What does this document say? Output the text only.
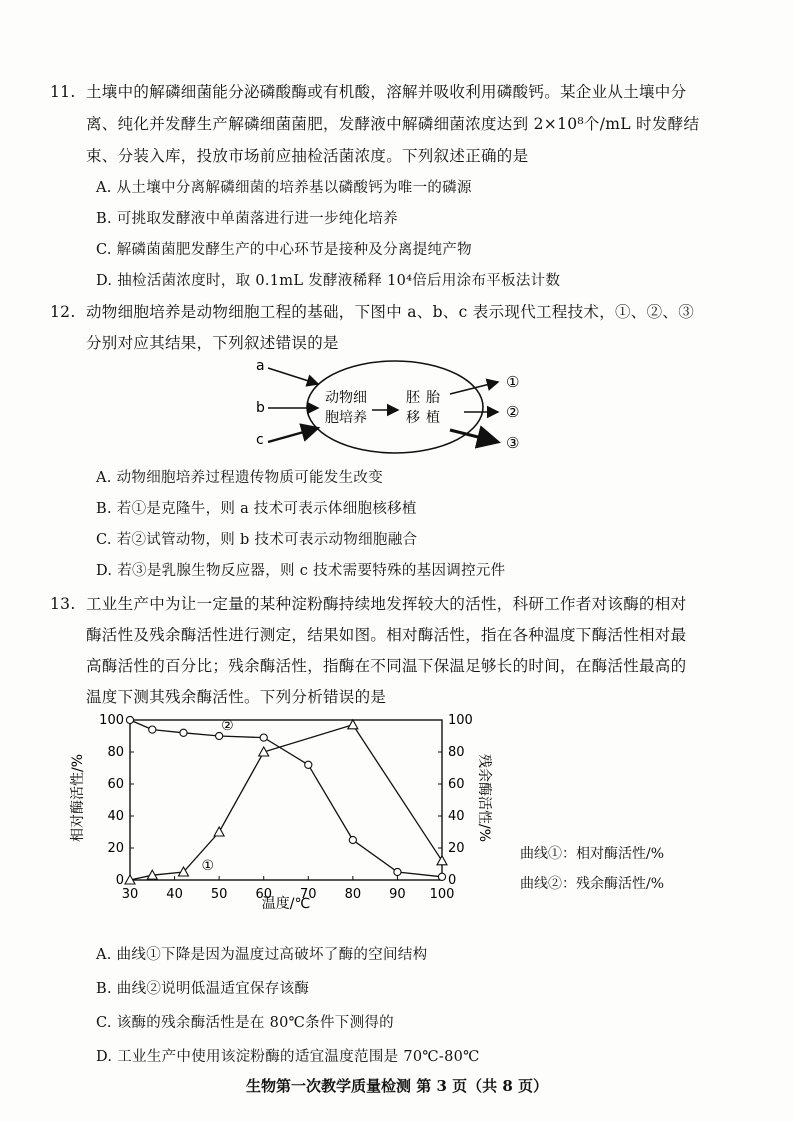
11. 土壤中的解磷细菌能分泌磷酸酶或有机酸，溶解并吸收利用磷酸钙。某企业从土壤中分
离、纯化并发酵生产解磷细菌菌肥，发酵液中解磷细菌浓度达到 2×10⁸个/mL 时发酵结
束、分装入库，投放市场前应抽检活菌浓度。下列叙述正确的是
A. 从土壤中分离解磷细菌的培养基以磷酸钙为唯一的磷源
B. 可挑取发酵液中单菌落进行进一步纯化培养
C. 解磷菌菌肥发酵生产的中心环节是接种及分离提纯产物
D. 抽检活菌浓度时，取 0.1mL 发酵液稀释 10⁴倍后用涂布平板法计数
12. 动物细胞培养是动物细胞工程的基础，下图中 a、b、c 表示现代工程技术，①、②、③
分别对应其结果，下列叙述错误的是
a
b
c
动物细
胞培养
胚胎
移植
①
②
③
A. 动物细胞培养过程遗传物质可能发生改变
B. 若①是克隆牛，则 a 技术可表示体细胞核移植
C. 若②试管动物，则 b 技术可表示动物细胞融合
D. 若③是乳腺生物反应器，则 c 技术需要特殊的基因调控元件
13. 工业生产中为让一定量的某种淀粉酶持续地发挥较大的活性，科研工作者对该酶的相对
酶活性及残余酶活性进行测定，结果如图。相对酶活性，指在各种温度下酶活性相对最
高酶活性的百分比；残余酶活性，指酶在不同温下保温足够长的时间，在酶活性最高的
温度下测其残余酶活性。下列分析错误的是
30 40 50 60 70 80 90 100
0	0
20	20
40	40
60	60
80	80
100	100
①
②
温度/℃
相对酶活性/%	残余酶活性/%
曲线①：相对酶活性/%
曲线②：残余酶活性/%
A. 曲线①下降是因为温度过高破坏了酶的空间结构
B. 曲线②说明低温适宜保存该酶
C. 该酶的残余酶活性是在 80℃条件下测得的
D. 工业生产中使用该淀粉酶的适宜温度范围是 70℃-80℃
生物第一次教学质量检测 第 3 页（共 8 页）
